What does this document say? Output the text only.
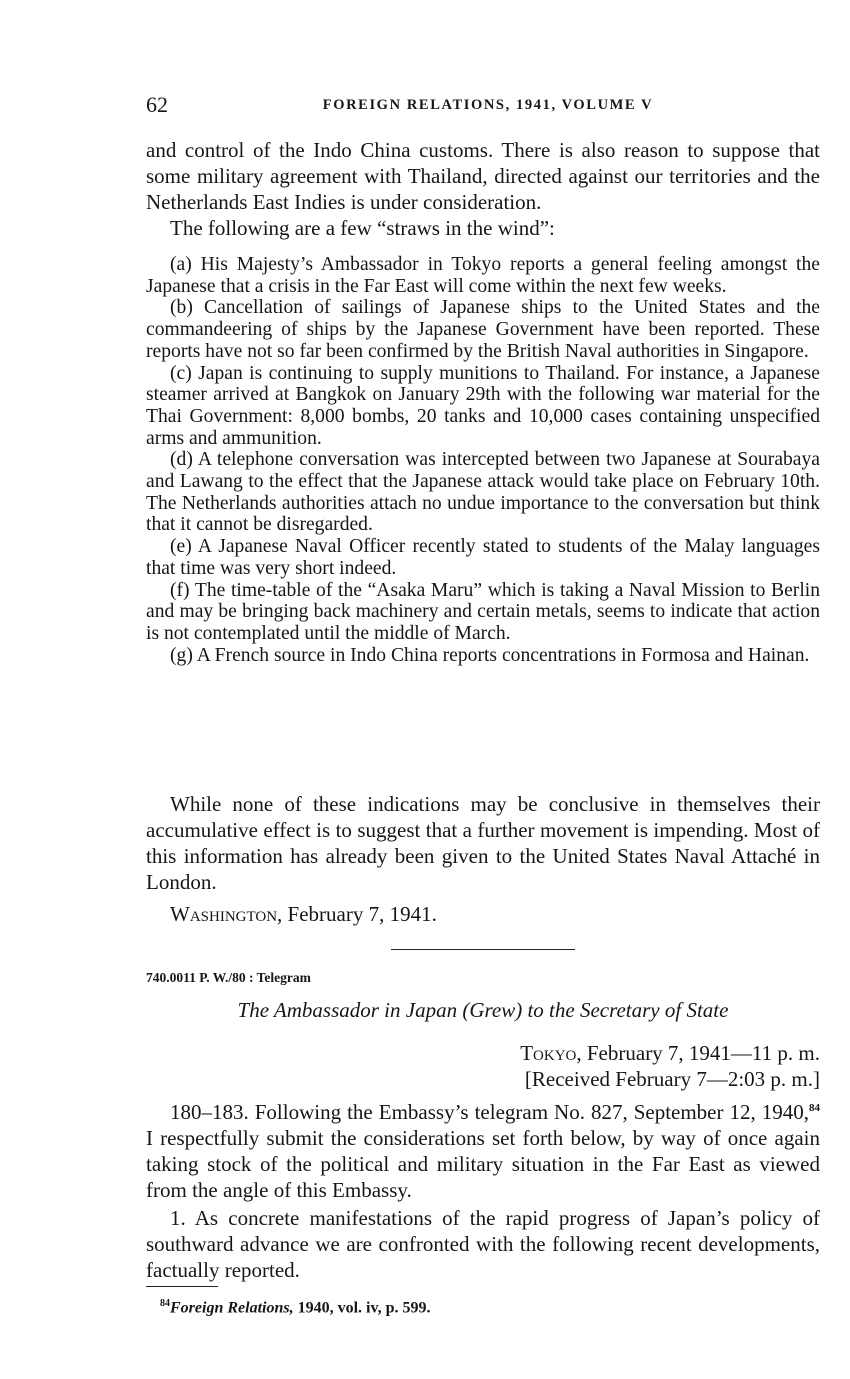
62	FOREIGN RELATIONS, 1941, VOLUME V

and control of the Indo China customs. There is also reason to suppose that some military agreement with Thailand, directed against our territories and the Netherlands East Indies is under consideration.

The following are a few “straws in the wind”:

(a) His Majesty’s Ambassador in Tokyo reports a general feeling amongst the Japanese that a crisis in the Far East will come within the next few weeks.

(b) Cancellation of sailings of Japanese ships to the United States and the commandeering of ships by the Japanese Government have been reported. These reports have not so far been confirmed by the British Naval authorities in Singapore.

(c) Japan is continuing to supply munitions to Thailand. For instance, a Japanese steamer arrived at Bangkok on January 29th with the following war material for the Thai Government: 8,000 bombs, 20 tanks and 10,000 cases containing unspecified arms and ammunition.

(d) A telephone conversation was intercepted between two Japanese at Sourabaya and Lawang to the effect that the Japanese attack would take place on February 10th. The Netherlands authorities attach no undue importance to the conversation but think that it cannot be disregarded.

(e) A Japanese Naval Officer recently stated to students of the Malay languages that time was very short indeed.

(f) The time-table of the “Asaka Maru” which is taking a Naval Mission to Berlin and may be bringing back machinery and certain metals, seems to indicate that action is not contemplated until the middle of March.

(g) A French source in Indo China reports concentrations in Formosa and Hainan.

While none of these indications may be conclusive in themselves their accumulative effect is to suggest that a further movement is impending. Most of this information has already been given to the United States Naval Attaché in London.

Washington, February 7, 1941.

740.0011 P. W./80 : Telegram
The Ambassador in Japan (Grew) to the Secretary of State
Tokyo, February 7, 1941—11 p. m.
[Received February 7—2:03 p. m.]

180–183. Following the Embassy’s telegram No. 827, September 12, 1940,84 I respectfully submit the considerations set forth below, by way of once again taking stock of the political and military situation in the Far East as viewed from the angle of this Embassy.

1. As concrete manifestations of the rapid progress of Japan’s policy of southward advance we are confronted with the following recent developments, factually reported.

$^{84}$Foreign Relations, 1940, vol. iv, p. 599.
